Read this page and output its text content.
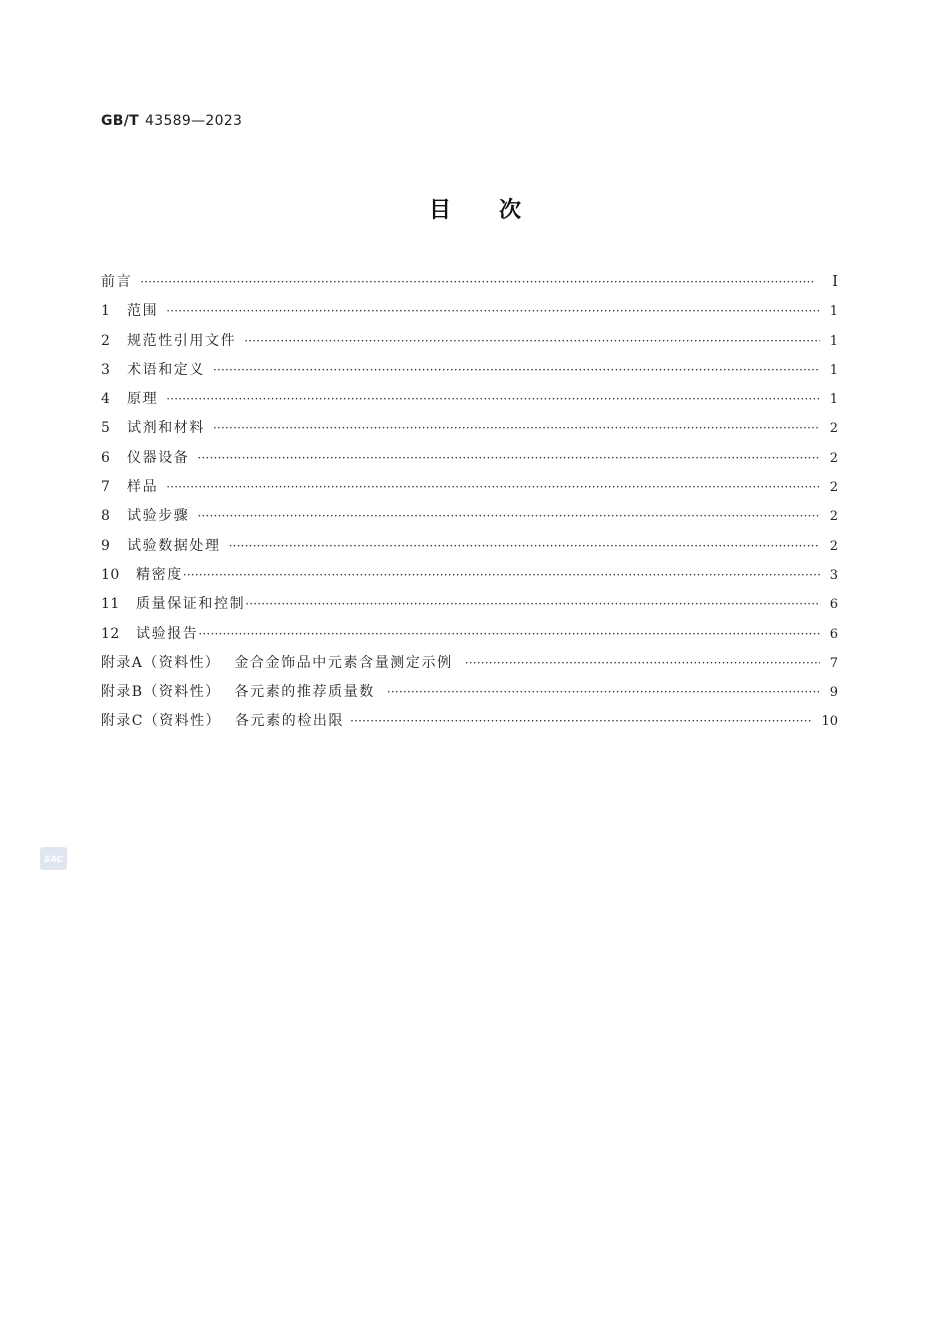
GB/T 43589—2023
目次
前言 ·····	I
1	范围 ·····	1
2	规范性引用文件 ·····	1
3	术语和定义 ·····	1
4	原理 ·····	1
5	试剂和材料 ·····	2
6	仪器设备 ·····	2
7	样品 ·····	2
8	试验步骤 ·····	2
9	试验数据处理 ·····	2
10	精密度 ·····	3
11	质量保证和控制 ·····	6
12	试验报告 ·····	6
附录A（资料性） 金合金饰品中元素含量测定示例 ·····	7
附录B（资料性） 各元素的推荐质量数 ·····	9
附录C（资料性） 各元素的检出限 ·····	10
SAC
